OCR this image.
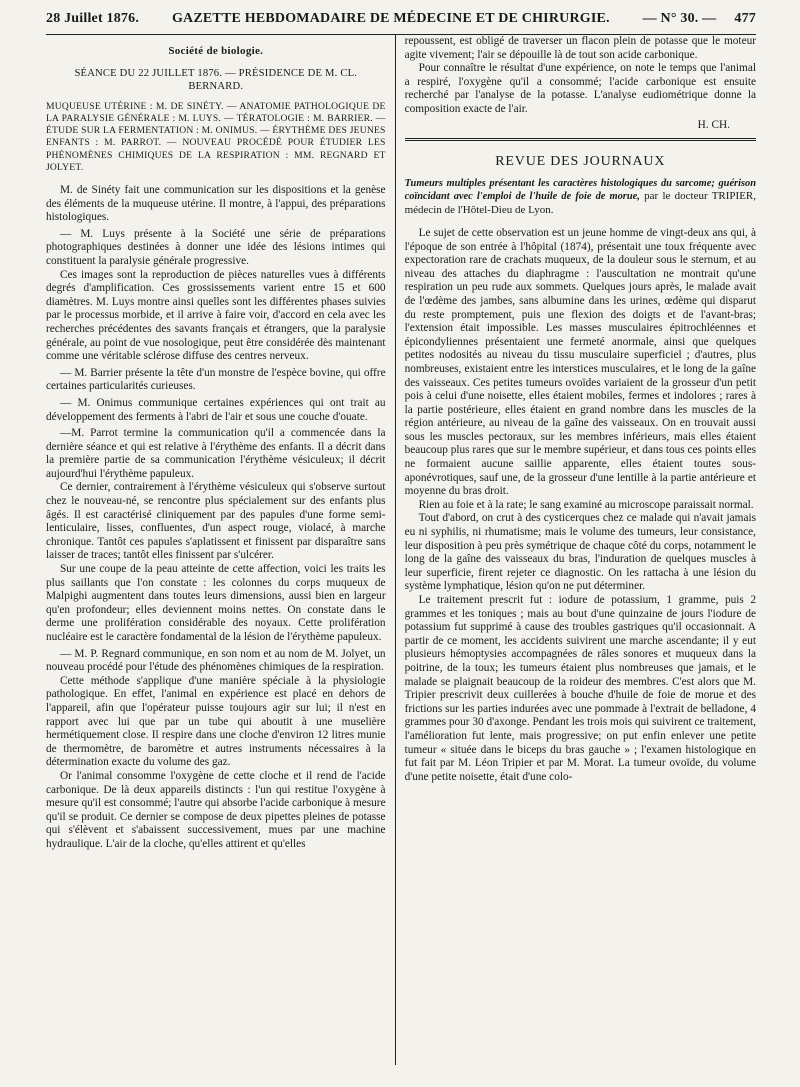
28 Juillet 1876. GAZETTE HEBDOMADAIRE DE MÉDECINE ET DE CHIRURGIE. — N° 30. — 477
Société de biologie.
SÉANCE DU 22 JUILLET 1876. — PRÉSIDENCE DE M. CL. BERNARD.
MUQUEUSE UTÉRINE : M. DE SINÉTY. — ANATOMIE PATHOLOGIQUE DE LA PARALYSIE GÉNÉRALE : M. LUYS. — TÉRATOLOGIE : M. BARRIER. — ÉTUDE SUR LA FERMENTATION : M. ONIMUS. — ÉRYTHÈME DES JEUNES ENFANTS : M. PARROT. — NOUVEAU PROCÉDÉ POUR ÉTUDIER LES PHÉNOMÈNES CHIMIQUES DE LA RESPIRATION : MM. REGNARD ET JOLYET.

M. de Sinéty fait une communication sur les dispositions et la genèse des éléments de la muqueuse utérine. Il montre, à l'appui, des préparations histologiques.

— M. Luys présente à la Société une série de préparations photographiques destinées à donner une idée des lésions intimes qui constituent la paralysie générale progressive.

Ces images sont la reproduction de pièces naturelles vues à différents degrés d'amplification. Ces grossissements varient entre 15 et 600 diamètres. M. Luys montre ainsi quelles sont les différentes phases suivies par le processus morbide, et il arrive à faire voir, d'accord en cela avec les recherches précédentes des savants français et étrangers, que la paralysie générale, au point de vue nosologique, peut être considérée dès maintenant comme une véritable sclérose diffuse des centres nerveux.

— M. Barrier présente la tête d'un monstre de l'espèce bovine, qui offre certaines particularités curieuses.

— M. Onimus communique certaines expériences qui ont trait au développement des ferments à l'abri de l'air et sous une couche d'ouate.

—M. Parrot termine la communication qu'il a commencée dans la dernière séance et qui est relative à l'érythème des enfants. Il a décrit dans la première partie de sa communication l'érythème vésiculeux; il décrit aujourd'hui l'érythème papuleux.

Ce dernier, contrairement à l'érythème vésiculeux qui s'observe surtout chez le nouveau-né, se rencontre plus spécialement sur des enfants plus âgés. Il est caractérisé cliniquement par des papules d'une forme semi-lenticulaire, lisses, confluentes, d'un aspect rouge, violacé, à marche chronique. Tantôt ces papules s'aplatissent et finissent par disparaître sans laisser de traces; tantôt elles finissent par s'ulcérer.

Sur une coupe de la peau atteinte de cette affection, voici les traits les plus saillants que l'on constate : les colonnes du corps muqueux de Malpighi augmentent dans toutes leurs dimensions, aussi bien en largeur qu'en profondeur; elles deviennent moins nettes. On constate dans le derme une prolifération considérable des noyaux. Cette prolifération nucléaire est le caractère fondamental de la lésion de l'érythème papuleux.

— M. P. Regnard communique, en son nom et au nom de M. Jolyet, un nouveau procédé pour l'étude des phénomènes chimiques de la respiration.

Cette méthode s'applique d'une manière spéciale à la physiologie pathologique. En effet, l'animal en expérience est placé en dehors de l'appareil, afin que l'opérateur puisse toujours agir sur lui; il n'est en rapport avec lui que par un tube qui aboutit à une muselière hermétiquement close. Il respire dans une cloche d'environ 12 litres munie de thermomètre, de baromètre et autres instruments nécessaires à la détermination exacte du volume des gaz.

Or l'animal consomme l'oxygène de cette cloche et il rend de l'acide carbonique. De là deux appareils distincts : l'un qui restitue l'oxygène à mesure qu'il est consommé; l'autre qui absorbe l'acide carbonique à mesure qu'il se produit. Ce dernier se compose de deux pipettes pleines de potasse qui s'élèvent et s'abaissent successivement, mues par une machine hydraulique. L'air de la cloche, qu'elles attirent et qu'elles

repoussent, est obligé de traverser un flacon plein de potasse que le moteur agite vivement; l'air se dépouille là de tout son acide carbonique.

Pour connaître le résultat d'une expérience, on note le temps que l'animal a respiré, l'oxygène qu'il a consommé; l'acide carbonique est ensuite recherché par l'analyse de la potasse. L'analyse eudiométrique donne la composition exacte de l'air.

H. CH.
REVUE DES JOURNAUX
Tumeurs multiples présentant les caractères histologiques du sarcome; guérison coïncidant avec l'emploi de l'huile de foie de morue, par le docteur TRIPIER, médecin de l'Hôtel-Dieu de Lyon.

Le sujet de cette observation est un jeune homme de vingt-deux ans qui, à l'époque de son entrée à l'hôpital (1874), présentait une toux fréquente avec expectoration rare de crachats muqueux, de la douleur sous le sternum, et au niveau des attaches du diaphragme : l'auscultation ne montrait qu'une respiration un peu rude aux sommets. Quelques jours après, le malade avait de l'œdème des jambes, sans albumine dans les urines, œdème qui disparut du reste promptement, puis une flexion des doigts et de l'avant-bras; l'extension était impossible. Les masses musculaires épitrochléennes et épicondyliennes présentaient une fermeté anormale, ainsi que quelques petites nodosités au niveau du tissu musculaire superficiel ; d'autres, plus nombreuses, existaient entre les interstices musculaires, et le long de la gaîne des vaisseaux. Ces petites tumeurs ovoïdes variaient de la grosseur d'un petit pois à celui d'une noisette, elles étaient mobiles, fermes et indolores ; rares à la partie postérieure, elles étaient en grand nombre dans les muscles de la région antérieure, au niveau de la gaîne des vaisseaux. On en trouvait aussi sous les muscles pectoraux, sur les membres inférieurs, mais elles étaient beaucoup plus rares que sur le membre supérieur, et dans tous ces points elles ne formaient aucune saillie apparente, elles étaient toutes sous-aponévrotiques, sauf une, de la grosseur d'une lentille à la partie antérieure et moyenne du bras droit.

Rien au foie et à la rate; le sang examiné au microscope paraissait normal.

Tout d'abord, on crut à des cysticerques chez ce malade qui n'avait jamais eu ni syphilis, ni rhumatisme; mais le volume des tumeurs, leur consistance, leur disposition à peu près symétrique de chaque côté du corps, notamment le long de la gaîne des vaisseaux du bras, l'induration de quelques muscles à leur superficie, firent rejeter ce diagnostic. On les rattacha à une lésion du système lymphatique, lésion qu'on ne put déterminer.

Le traitement prescrit fut : iodure de potassium, 1 gramme, puis 2 grammes et les toniques ; mais au bout d'une quinzaine de jours l'iodure de potassium fut supprimé à cause des troubles gastriques qu'il occasionnait. A partir de ce moment, les accidents suivirent une marche ascendante; il y eut plusieurs hémoptysies accompagnées de râles sonores et muqueux dans la poitrine, de la toux; les tumeurs étaient plus nombreuses que jamais, et le malade se plaignait beaucoup de la roideur des membres. C'est alors que M. Tripier prescrivit deux cuillerées à bouche d'huile de foie de morue et des frictions sur les parties indurées avec une pommade à l'extrait de belladone, 4 grammes pour 30 d'axonge. Pendant les trois mois qui suivirent ce traitement, l'amélioration fut lente, mais progressive; on put enfin enlever une petite tumeur « située dans le biceps du bras gauche » ; l'examen histologique en fut fait par M. Léon Tripier et par M. Morat. La tumeur ovoïde, du volume d'une petite noisette, était d'une colo-
